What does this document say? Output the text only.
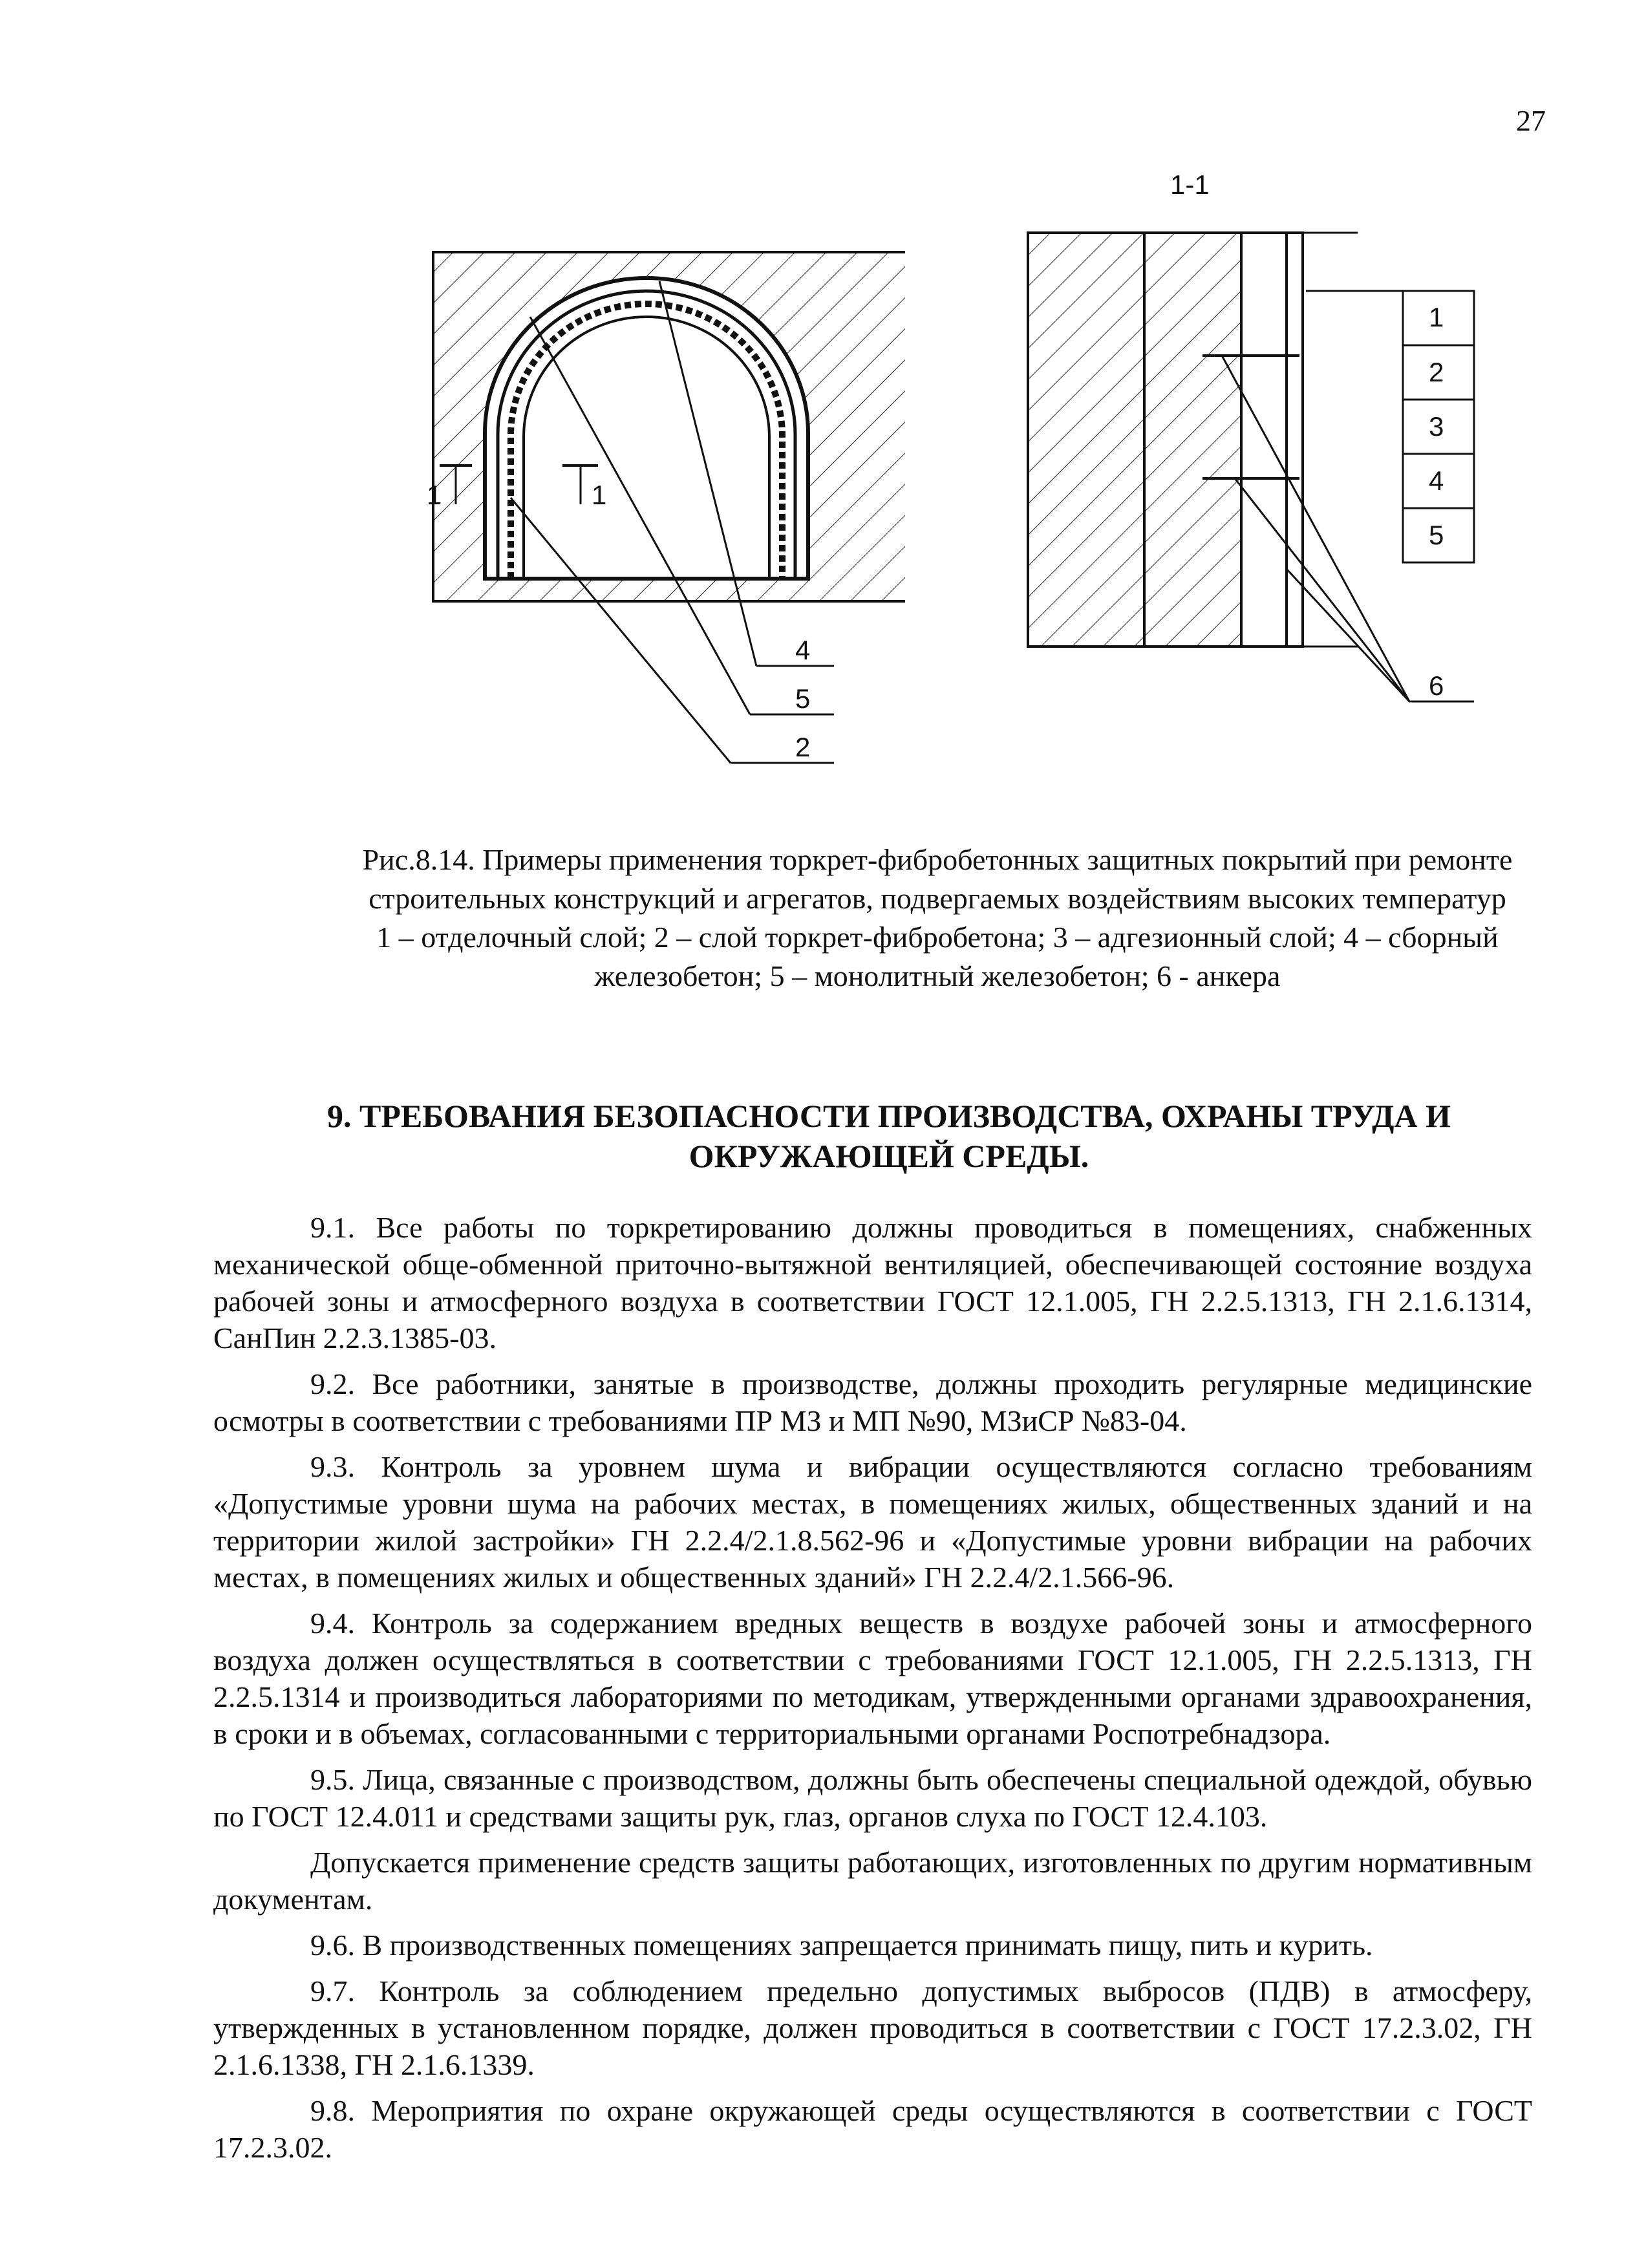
27
1	1
4
5
2
1-1
1
2
3
4
5
6

Рис.8.14. Примеры применения торкрет-фибробетонных защитных покрытий при ремонте строительных конструкций и агрегатов, подвергаемых воздействиям высоких температур

1 – отделочный слой; 2 – слой торкрет-фибробетона; 3 – адгезионный слой; 4 – сборный железобетон; 5 – монолитный железобетон; 6 - анкера

9. ТРЕБОВАНИЯ БЕЗОПАСНОСТИ ПРОИЗВОДСТВА, ОХРАНЫ ТРУДА И ОКРУЖАЮЩЕЙ СРЕДЫ.

9.1. Все работы по торкретированию должны проводиться в помещениях, снабженных механической обще-обменной приточно-вытяжной вентиляцией, обеспечивающей состояние воздуха рабочей зоны и атмосферного воздуха в соответствии ГОСТ 12.1.005, ГН 2.2.5.1313, ГН 2.1.6.1314, СанПин 2.2.3.1385-03.

9.2. Все работники, занятые в производстве, должны проходить регулярные медицинские осмотры в соответствии с требованиями ПР МЗ и МП №90, МЗиСР №83-04.

9.3. Контроль за уровнем шума и вибрации осуществляются согласно требованиям «Допустимые уровни шума на рабочих местах, в помещениях жилых, общественных зданий и на территории жилой застройки» ГН 2.2.4/2.1.8.562-96 и «Допустимые уровни вибрации на рабочих местах, в помещениях жилых и общественных зданий» ГН 2.2.4/2.1.566-96.

9.4. Контроль за содержанием вредных веществ в воздухе рабочей зоны и атмосферного воздуха должен осуществляться в соответствии с требованиями ГОСТ 12.1.005, ГН 2.2.5.1313, ГН 2.2.5.1314 и производиться лабораториями по методикам, утвержденными органами здравоохранения, в сроки и в объемах, согласованными с территориальными органами Роспотребнадзора.

9.5. Лица, связанные с производством, должны быть обеспечены специальной одеждой, обувью по ГОСТ 12.4.011 и средствами защиты рук, глаз, органов слуха по ГОСТ 12.4.103.

Допускается применение средств защиты работающих, изготовленных по другим нормативным документам.

9.6. В производственных помещениях запрещается принимать пищу, пить и курить.

9.7. Контроль за соблюдением предельно допустимых выбросов (ПДВ) в атмосферу, утвержденных в установленном порядке, должен проводиться в соответствии с ГОСТ 17.2.3.02, ГН 2.1.6.1338, ГН 2.1.6.1339.

9.8. Мероприятия по охране окружающей среды осуществляются в соответствии с ГОСТ 17.2.3.02.
